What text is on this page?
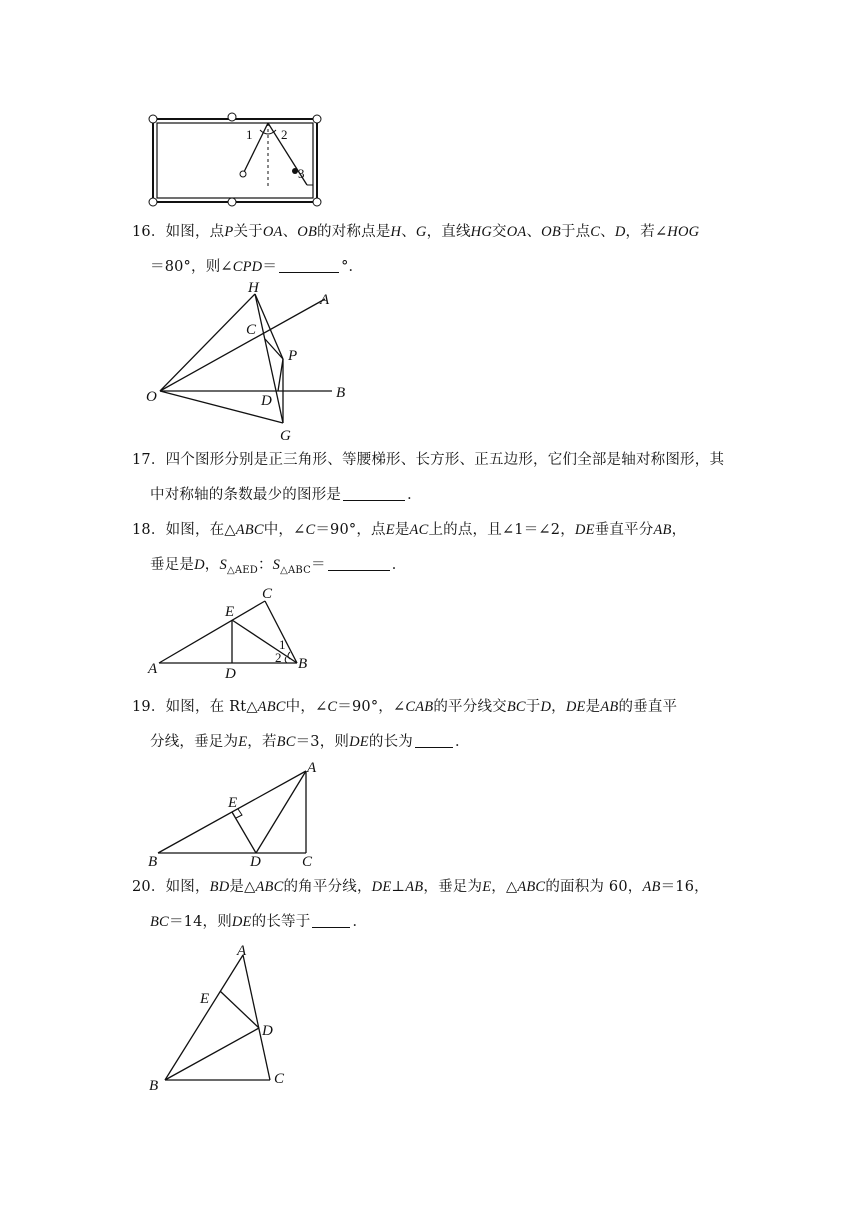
1 2
3
16．如图，点P关于OA、OB的对称点是H、G，直线HG交OA、OB于点C、D，若∠HOG
＝80°，则∠CPD＝	°．
H
A
C
P
O	B
D
G
17．四个图形分别是正三角形、等腰梯形、长方形、正五边形，它们全部是轴对称图形，其
中对称轴的条数最少的图形是	．
18．如图，在△ABC中，∠C＝90°，点E是AC上的点，且∠1＝∠2，DE垂直平分AB，
垂足是D，$S_{\triangle AED}$：$S_{\triangle ABC}=$	．
C
E
A	D
B
1
2
19．如图，在 Rt△ABC中，∠C＝90°，∠CAB的平分线交BC于D，DE是AB的垂直平
分线，垂足为E，若BC＝3，则DE的长为	．
A
E
B	D	C
20．如图，BD是△ABC的角平分线，DE⊥AB，垂足为E，△ABC的面积为 60，AB＝16，
BC＝14，则DE的长等于	．
A
E
D
B	C
